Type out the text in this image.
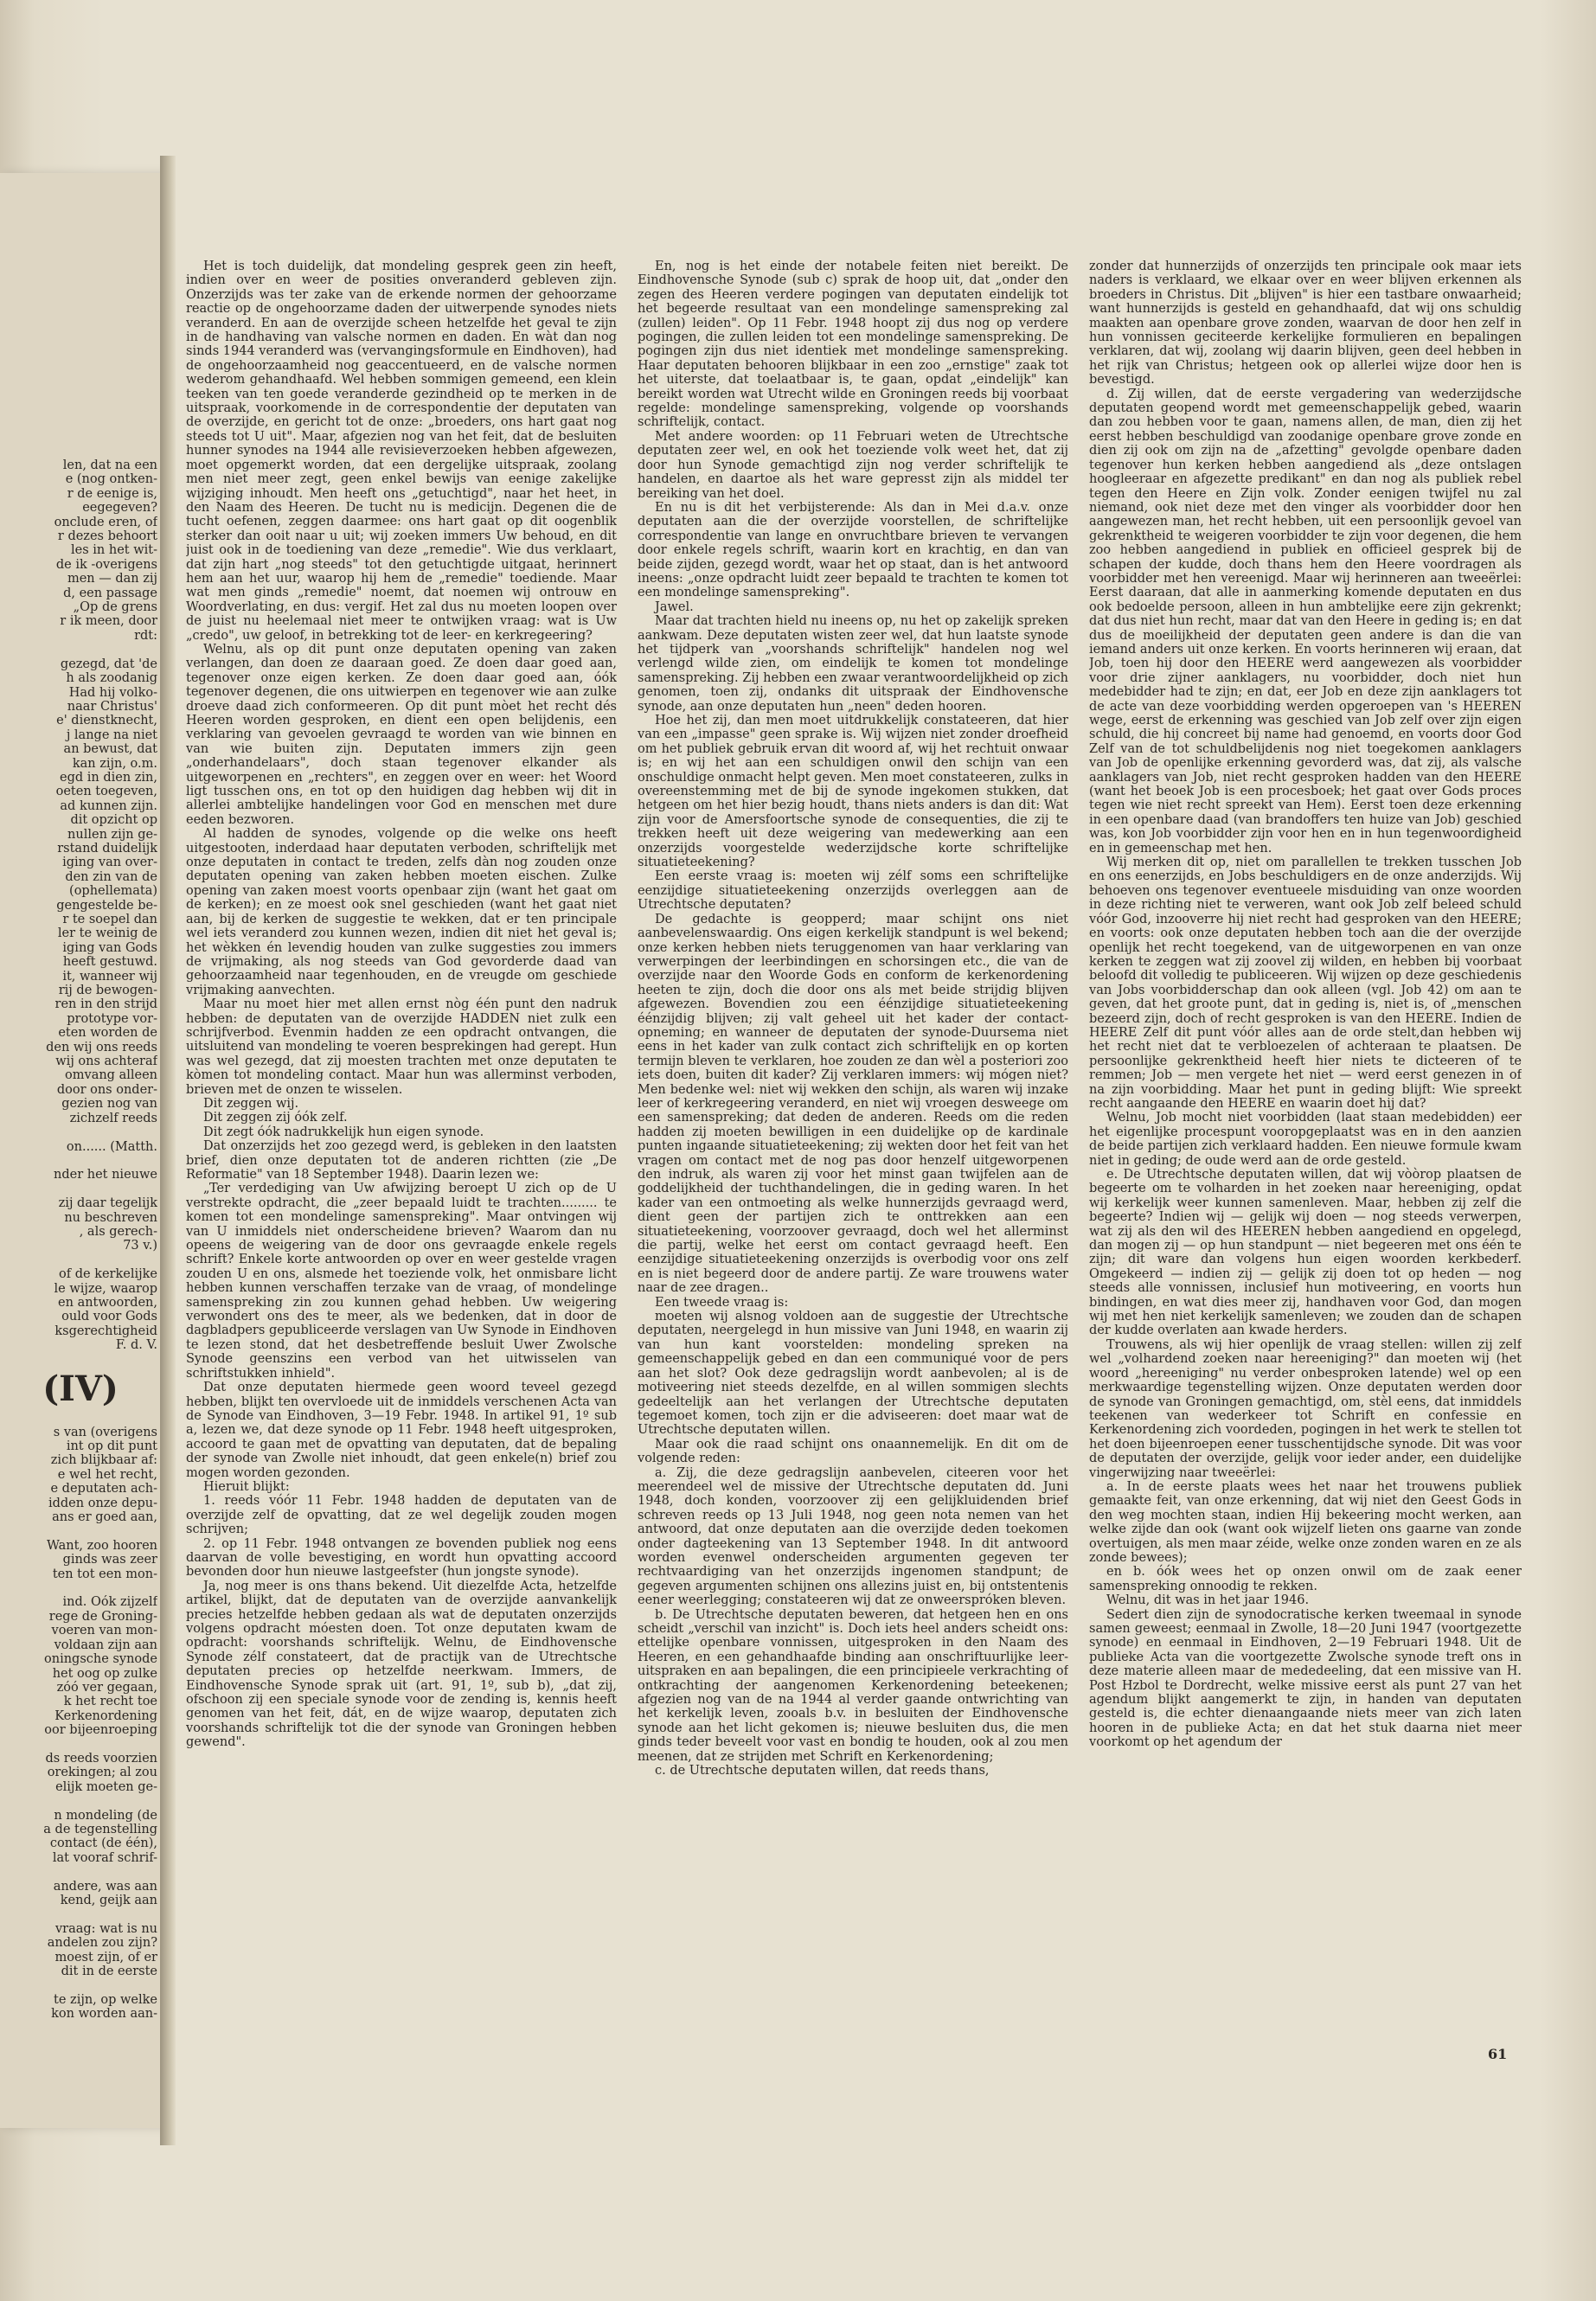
len, dat na een
e (nog ontken-
r de eenige is,
eegegeven?
onclude eren, of
r dezes behoort
les in het wit-
de ik -overigens
men — dan zij
d, een passage
„Op de grens
r ik meen, door
rdt:

gezegd, dat 'de
h als zoodanig
Had hij volko-
naar Christus'
e' dienstknecht,
j lange na niet
an bewust, dat
kan zijn, o.m.
egd in dien zin,
oeten toegeven,
ad kunnen zijn.
dit opzicht op
nullen zijn ge-
rstand duidelijk
iging van over-
den zin van de
(ophellemata)
gengestelde be-
r te soepel dan
ler te weinig de
iging van Gods
heeft gestuwd.
it, wanneer wij
rij de bewogen-
ren in den strijd
prototype vor-
eten worden de
den wij ons reeds
wij ons achteraf
omvang alleen
door ons onder-
gezien nog van
zichzelf reeds

on...... (Matth.

nder het nieuwe

zij daar tegelijk
nu beschreven
, als gerech-
73 v.)

of de kerkelijke
le wijze, waarop
en antwoorden,
ould voor Gods
ksgerechtigheid
F. d. V.
(IV)
s van (overigens
int op dit punt
zich blijkbaar af:
e wel het recht,
e deputaten ach-
idden onze depu-
ans er goed aan,

Want, zoo hooren
ginds was zeer
ten tot een mon-

ind. Oók zijzelf
rege de Groning-
voeren van mon-
voldaan zijn aan
oningsche synode
het oog op zulke
zóó ver gegaan,
k het recht toe
Kerkenordening
oor bijeenroeping

ds reeds voorzien
orekingen; al zou
elijk moeten ge-

n mondeling (de
a de tegenstelling
contact (de één),
lat vooraf schrif-

andere, was aan
kend, geijk aan

vraag: wat is nu
andelen zou zijn?
moest zijn, of er
dit in de eerste

te zijn, op welke
kon worden aan-

Het is toch duidelijk, dat mondeling gesprek geen zin heeft, indien over en weer de posities onveranderd gebleven zijn. Onzerzijds was ter zake van de erkende normen der gehoorzame reactie op de ongehoorzame daden der uitwerpende synodes niets veranderd. En aan de overzijde scheen hetzelfde het geval te zijn in de handhaving van valsche normen en daden. En wàt dan nog sinds 1944 veranderd was (vervangingsformule en Eindhoven), had de ongehoorzaamheid nog geaccentueerd, en de valsche normen wederom gehandhaafd. Wel hebben sommigen gemeend, een klein teeken van ten goede veranderde gezindheid op te merken in de uitspraak, voorkomende in de correspondentie der deputaten van de overzijde, en gericht tot de onze: „broeders, ons hart gaat nog steeds tot U uit". Maar, afgezien nog van het feit, dat de besluiten hunner synodes na 1944 alle revisieverzoeken hebben afgewezen, moet opgemerkt worden, dat een dergelijke uitspraak, zoolang men niet meer zegt, geen enkel bewijs van eenige zakelijke wijziging inhoudt. Men heeft ons „getuchtigd", naar het heet, in den Naam des Heeren. De tucht nu is medicijn. Degenen die de tucht oefenen, zeggen daarmee: ons hart gaat op dit oogenblik sterker dan ooit naar u uit; wij zoeken immers Uw behoud, en dit juist ook in de toediening van deze „remedie". Wie dus verklaart, dat zijn hart „nog steeds" tot den getuchtigde uitgaat, herinnert hem aan het uur, waarop hij hem de „remedie" toediende. Maar wat men ginds „remedie" noemt, dat noemen wij ontrouw en Woordverlating, en dus: vergif. Het zal dus nu moeten loopen over de juist nu heelemaal niet meer te ontwijken vraag: wat is Uw „credo", uw geloof, in betrekking tot de leer- en kerkregeering?

Welnu, als op dit punt onze deputaten opening van zaken verlangen, dan doen ze daaraan goed. Ze doen daar goed aan, tegenover onze eigen kerken. Ze doen daar goed aan, óók tegenover degenen, die ons uitwierpen en tegenover wie aan zulke droeve daad zich conformeeren. Op dit punt mòet het recht dés Heeren worden gesproken, en dient een open belijdenis, een verklaring van gevoelen gevraagd te worden van wie binnen en van wie buiten zijn. Deputaten immers zijn geen „onderhandelaars", doch staan tegenover elkander als uitgeworpenen en „rechters", en zeggen over en weer: het Woord ligt tusschen ons, en tot op den huidigen dag hebben wij dit in allerlei ambtelijke handelingen voor God en menschen met dure eeden bezworen.

Al hadden de synodes, volgende op die welke ons heeft uitgestooten, inderdaad haar deputaten verboden, schriftelijk met onze deputaten in contact te treden, zelfs dàn nog zouden onze deputaten opening van zaken hebben moeten eischen. Zulke opening van zaken moest voorts openbaar zijn (want het gaat om de kerken); en ze moest ook snel geschieden (want het gaat niet aan, bij de kerken de suggestie te wekken, dat er ten principale wel iets veranderd zou kunnen wezen, indien dit niet het geval is; het wèkken én levendig houden van zulke suggesties zou immers de vrijmaking, als nog steeds van God gevorderde daad van gehoorzaamheid naar tegenhouden, en de vreugde om geschiede vrijmaking aanvechten.

Maar nu moet hier met allen ernst nòg één punt den nadruk hebben: de deputaten van de overzijde HADDEN niet zulk een schrijfverbod. Evenmin hadden ze een opdracht ontvangen, die uitsluitend van mondeling te voeren besprekingen had gerept. Hun was wel gezegd, dat zij moesten trachten met onze deputaten te kòmen tot mondeling contact. Maar hun was allerminst verboden, brieven met de onzen te wisselen.

Dit zeggen wij.

Dit zeggen zij óók zelf.

Dit zegt óók nadrukkelijk hun eigen synode.

Dat onzerzijds het zoo gezegd werd, is gebleken in den laatsten brief, dien onze deputaten tot de anderen richtten (zie „De Reformatie" van 18 September 1948). Daarin lezen we:

„Ter verdediging van Uw afwijzing beroept U zich op de U verstrekte opdracht, die „zeer bepaald luidt te trachten......... te komen tot een mondelinge samenspreking". Maar ontvingen wij van U inmiddels niet onderscheidene brieven? Waarom dan nu opeens de weigering van de door ons gevraagde enkele regels schrift? Enkele korte antwoorden op over en weer gestelde vragen zouden U en ons, alsmede het toeziende volk, het onmisbare licht hebben kunnen verschaffen terzake van de vraag, of mondelinge samenspreking zin zou kunnen gehad hebben. Uw weigering verwondert ons des te meer, als we bedenken, dat in door de dagbladpers gepubliceerde verslagen van Uw Synode in Eindhoven te lezen stond, dat het desbetreffende besluit Uwer Zwolsche Synode geenszins een verbod van het uitwisselen van schriftstukken inhield".

Dat onze deputaten hiermede geen woord teveel gezegd hebben, blijkt ten overvloede uit de inmiddels verschenen Acta van de Synode van Eindhoven, 3—19 Febr. 1948. In artikel 91, 1º sub a, lezen we, dat deze synode op 11 Febr. 1948 heeft uitgesproken, accoord te gaan met de opvatting van deputaten, dat de bepaling der synode van Zwolle niet inhoudt, dat geen enkele(n) brief zou mogen worden gezonden.

Hieruit blijkt:

1. reeds vóór 11 Febr. 1948 hadden de deputaten van de overzijde zelf de opvatting, dat ze wel degelijk zouden mogen schrijven;

2. op 11 Febr. 1948 ontvangen ze bovenden publiek nog eens daarvan de volle bevestiging, en wordt hun opvatting accoord bevonden door hun nieuwe lastgeefster (hun jongste synode).

Ja, nog meer is ons thans bekend. Uit diezelfde Acta, hetzelfde artikel, blijkt, dat de deputaten van de overzijde aanvankelijk precies hetzelfde hebben gedaan als wat de deputaten onzerzijds volgens opdracht móesten doen. Tot onze deputaten kwam de opdracht: voorshands schriftelijk. Welnu, de Eindhovensche Synode zélf constateert, dat de practijk van de Utrechtsche deputaten precies op hetzelfde neerkwam. Immers, de Eindhovensche Synode sprak uit (art. 91, 1º, sub b), „dat zij, ofschoon zij een speciale synode voor de zending is, kennis heeft genomen van het feit, dát, en de wijze waarop, deputaten zich voorshands schriftelijk tot die der synode van Groningen hebben gewend".

En, nog is het einde der notabele feiten niet bereikt. De Eindhovensche Synode (sub c) sprak de hoop uit, dat „onder den zegen des Heeren verdere pogingen van deputaten eindelijk tot het begeerde resultaat van een mondelinge samenspreking zal (zullen) leiden". Op 11 Febr. 1948 hoopt zij dus nog op verdere pogingen, die zullen leiden tot een mondelinge samenspreking. De pogingen zijn dus niet identiek met mondelinge samenspreking. Haar deputaten behooren blijkbaar in een zoo „ernstige" zaak tot het uiterste, dat toelaatbaar is, te gaan, opdat „eindelijk" kan bereikt worden wat Utrecht wilde en Groningen reeds bij voorbaat regelde: mondelinge samenspreking, volgende op voorshands schriftelijk, contact.

Met andere woorden: op 11 Februari weten de Utrechtsche deputaten zeer wel, en ook het toeziende volk weet het, dat zij door hun Synode gemachtigd zijn nog verder schriftelijk te handelen, en daartoe als het ware gepresst zijn als middel ter bereiking van het doel.

En nu is dit het verbijsterende: Als dan in Mei d.a.v. onze deputaten aan die der overzijde voorstellen, de schriftelijke correspondentie van lange en onvruchtbare brieven te vervangen door enkele regels schrift, waarin kort en krachtig, en dan van beide zijden, gezegd wordt, waar het op staat, dan is het antwoord ineens: „onze opdracht luidt zeer bepaald te trachten te komen tot een mondelinge samenspreking".

Jawel.

Maar dat trachten hield nu ineens op, nu het op zakelijk spreken aankwam. Deze deputaten wisten zeer wel, dat hun laatste synode het tijdperk van „voorshands schriftelijk" handelen nog wel verlengd wilde zien, om eindelijk te komen tot mondelinge samenspreking. Zij hebben een zwaar verantwoordelijkheid op zich genomen, toen zij, ondanks dit uitspraak der Eindhovensche synode, aan onze deputaten hun „neen" deden hooren.

Hoe het zij, dan men moet uitdrukkelijk constateeren, dat hier van een „impasse" geen sprake is. Wij wijzen niet zonder droefheid om het publiek gebruik ervan dit woord af, wij het rechtuit onwaar is; en wij het aan een schuldigen onwil den schijn van een onschuldige onmacht helpt geven. Men moet constateeren, zulks in overeenstemming met de bij de synode ingekomen stukken, dat hetgeen om het hier bezig houdt, thans niets anders is dan dit: Wat zijn voor de Amersfoortsche synode de consequenties, die zij te trekken heeft uit deze weigering van medewerking aan een onzerzijds voorgestelde wederzijdsche korte schriftelijke situatieteekening?

Een eerste vraag is: moeten wij zélf soms een schriftelijke eenzijdige situatieteekening onzerzijds overleggen aan de Utrechtsche deputaten?

De gedachte is geopperd; maar schijnt ons niet aanbevelenswaardig. Ons eigen kerkelijk standpunt is wel bekend; onze kerken hebben niets teruggenomen van haar verklaring van verwerpingen der leerbindingen en schorsingen etc., die van de overzijde naar den Woorde Gods en conform de kerkenordening heeten te zijn, doch die door ons als met beide strijdig blijven afgewezen. Bovendien zou een éénzijdige situatieteekening éénzijdig blijven; zij valt geheel uit het kader der contact-opneming; en wanneer de deputaten der synode-Duursema niet eens in het kader van zulk contact zich schriftelijk en op korten termijn bleven te verklaren, hoe zouden ze dan wèl a posteriori zoo iets doen, buiten dit kader? Zij verklaren immers: wij mógen niet? Men bedenke wel: niet wij wekken den schijn, als waren wij inzake leer of kerkregeering veranderd, en niet wij vroegen desweege om een samenspreking; dat deden de anderen. Reeds om die reden hadden zij moeten bewilligen in een duidelijke op de kardinale punten ingaande situatieteekening; zij wekten door het feit van het vragen om contact met de nog pas door henzelf uitgeworpenen den indruk, als waren zij voor het minst gaan twijfelen aan de goddelijkheid der tuchthandelingen, die in geding waren. In het kader van een ontmoeting als welke hunnerzijds gevraagd werd, dient geen der partijen zich te onttrekken aan een situatieteekening, voorzoover gevraagd, doch wel het allerminst die partij, welke het eerst om contact gevraagd heeft. Een eenzijdige situatieteekening onzerzijds is overbodig voor ons zelf en is niet begeerd door de andere partij. Ze ware trouwens water naar de zee dragen..

Een tweede vraag is:

moeten wij alsnog voldoen aan de suggestie der Utrechtsche deputaten, neergelegd in hun missive van Juni 1948, en waarin zij van hun kant voorstelden: mondeling spreken na gemeenschappelijk gebed en dan een communiqué voor de pers aan het slot? Ook deze gedragslijn wordt aanbevolen; al is de motiveering niet steeds dezelfde, en al willen sommigen slechts gedeeltelijk aan het verlangen der Utrechtsche deputaten tegemoet komen, toch zijn er die adviseeren: doet maar wat de Utrechtsche deputaten willen.

Maar ook die raad schijnt ons onaannemelijk. En dit om de volgende reden:

a. Zij, die deze gedragslijn aanbevelen, citeeren voor het meerendeel wel de missive der Utrechtsche deputaten dd. Juni 1948, doch konden, voorzoover zij een gelijkluidenden brief schreven reeds op 13 Juli 1948, nog geen nota nemen van het antwoord, dat onze deputaten aan die overzijde deden toekomen onder dagteekening van 13 September 1948. In dit antwoord worden evenwel onderscheiden argumenten gegeven ter rechtvaardiging van het onzerzijds ingenomen standpunt; de gegeven argumenten schijnen ons allezins juist en, bij ontstentenis eener weerlegging; constateeren wij dat ze onweerspróken bleven.

b. De Utrechtsche deputaten beweren, dat hetgeen hen en ons scheidt „verschil van inzicht" is. Doch iets heel anders scheidt ons: etteliјke openbare vonnissen, uitgesproken in den Naam des Heeren, en een gehandhaafde binding aan onschriftuurlijke leer-uitspraken en aan bepalingen, die een principieele verkrachting of ontkrachting der aangenomen Kerkenordening beteekenen; afgezien nog van de na 1944 al verder gaande ontwrichting van het kerkelijk leven, zooals b.v. in besluiten der Eindhovensche synode aan het licht gekomen is; nieuwe besluiten dus, die men ginds teder beveelt voor vast en bondig te houden, ook al zou men meenen, dat ze strijden met Schrift en Kerkenordening;

c. de Utrechtsche deputaten willen, dat reeds thans,

zonder dat hunnerzijds of onzerzijds ten principale ook maar iets naders is verklaard, we elkaar over en weer blijven erkennen als broeders in Christus. Dit „blijven" is hier een tastbare onwaarheid; want hunnerzijds is gesteld en gehandhaafd, dat wij ons schuldig maakten aan openbare grove zonden, waarvan de door hen zelf in hun vonnissen geciteerde kerkelijke formulieren en bepalingen verklaren, dat wij, zoolang wij daarin blijven, geen deel hebben in het rijk van Christus; hetgeen ook op allerlei wijze door hen is bevestigd.

d. Zij willen, dat de eerste vergadering van wederzijdsche deputaten geopend wordt met gemeenschappelijk gebed, waarin dan zou hebben voor te gaan, namens allen, de man, dien zij het eerst hebben beschuldigd van zoodanige openbare grove zonde en dien zij ook om zijn na de „afzetting" gevolgde openbare daden tegenover hun kerken hebben aangediend als „deze ontslagen hoogleeraar en afgezette predikant" en dan nog als publiek rebel tegen den Heere en Zijn volk. Zonder eenigen twijfel nu zal niemand, ook niet deze met den vinger als voorbidder door hen aangewezen man, het recht hebben, uit een persoonlijk gevoel van gekrenktheid te weigeren voorbidder te zijn voor degenen, die hem zoo hebben aangediend in publiek en officieel gesprek bij de schapen der kudde, doch thans hem den Heere voordragen als voorbidder met hen vereenigd. Maar wij herinneren aan tweeërlei: Eerst daaraan, dat alle in aanmerking komende deputaten en dus ook bedoelde persoon, alleen in hun ambtelijke eere zijn gekrenkt; dat dus niet hun recht, maar dat van den Heere in geding is; en dat dus de moeilijkheid der deputaten geen andere is dan die van iemand anders uit onze kerken. En voorts herinneren wij eraan, dat Job, toen hij door den HEERE werd aangewezen als voorbidder voor drie zijner aanklagers, nu voorbidder, doch niet hun medebidder had te zijn; en dat, eer Job en deze zijn aanklagers tot de acte van deze voorbidding werden opgeroepen van 's HEEREN wege, eerst de erkenning was geschied van Job zelf over zijn eigen schuld, die hij concreet bij name had genoemd, en voorts door God Zelf van de tot schuldbelijdenis nog niet toegekomen aanklagers van Job de openlijke erkenning gevorderd was, dat zij, als valsche aanklagers van Job, niet recht gesproken hadden van den HEERE (want het beoek Job is een procesboek; het gaat over Gods proces tegen wie niet recht spreekt van Hem). Eerst toen deze erkenning in een openbare daad (van brandoffers ten huize van Job) geschied was, kon Job voorbidder zijn voor hen en in hun tegenwoordigheid en in gemeenschap met hen.

Wij merken dit op, niet om parallellen te trekken tusschen Job en ons eenerzijds, en Jobs beschuldigers en de onze anderzijds. Wij behoeven ons tegenover eventueele misduiding van onze woorden in deze richting niet te verweren, want ook Job zelf beleed schuld vóór God, inzooverre hij niet recht had gesproken van den HEERE; en voorts: ook onze deputaten hebben toch aan die der overzijde openlijk het recht toegekend, van de uitgeworpenen en van onze kerken te zeggen wat zij zoovel zij wilden, en hebben bij voorbaat beloofd dit volledig te publiceeren. Wij wijzen op deze geschiedenis van Jobs voorbidderschap dan ook alleen (vgl. Job 42) om aan te geven, dat het groote punt, dat in geding is, niet is, of „menschen bezeerd zijn, doch of recht gesproken is van den HEERE. Indien de HEERE Zelf dit punt vóór alles aan de orde stelt,dan hebben wij het recht niet dat te verbloezelen of achteraan te plaatsen. De persoonlijke gekrenktheid heeft hier niets te dicteeren of te remmen; Job — men vergete het niet — werd eerst genezen in of na zijn voorbidding. Maar het punt in geding blijft: Wie spreekt recht aangaande den HEERE en waarin doet hij dat?

Welnu, Job mocht niet voorbidden (laat staan medebidden) eer het eigenlijke procespunt vooropgeplaatst was en in den aanzien de beide partijen zich verklaard hadden. Een nieuwe formule kwam niet in geding; de oude werd aan de orde gesteld.

e. De Utrechtsche deputaten willen, dat wij vòòrop plaatsen de begeerte om te volharden in het zoeken naar hereeniging, opdat wij kerkelijk weer kunnen samenleven. Maar, hebben zij zelf die begeerte? Indien wij — gelijk wij doen — nog steeds verwerpen, wat zij als den wil des HEEREN hebben aangediend en opgelegd, dan mogen zij — op hun standpunt — niet begeeren met ons één te zijn; dit ware dan volgens hun eigen woorden kerkbederf. Omgekeerd — indien zij — gelijk zij doen tot op heden — nog steeds alle vonnissen, inclusief hun motiveering, en voorts hun bindingen, en wat dies meer zij, handhaven voor God, dan mogen wij met hen niet kerkelijk samenleven; we zouden dan de schapen der kudde overlaten aan kwade herders.

Trouwens, als wij hier openlijk de vraag stellen: willen zij zelf wel „volhardend zoeken naar hereeniging?" dan moeten wij (het woord „hereeniging" nu verder onbesproken latende) wel op een merkwaardige tegenstelling wijzen. Onze deputaten werden door de synode van Groningen gemachtigd, om, stèl eens, dat inmiddels teekenen van wederkeer tot Schrift en confessie en Kerkenordening zich voordeden, pogingen in het werk te stellen tot het doen bijeenroepen eener tusschentijdsche synode. Dit was voor de deputaten der overzijde, gelijk voor ieder ander, een duidelijke vingerwijzing naar tweeërlei:

a. In de eerste plaats wees het naar het trouwens publiek gemaakte feit, van onze erkenning, dat wij niet den Geest Gods in den weg mochten staan, indien Hij bekeering mocht werken, aan welke zijde dan ook (want ook wijzelf lieten ons gaarne van zonde overtuigen, als men maar zéide, welke onze zonden waren en ze als zonde bewees);

en b. óók wees het op onzen onwil om de zaak eener samenspreking onnoodig te rekken.

Welnu, dit was in het jaar 1946.

Sedert dien zijn de synodocratische kerken tweemaal in synode samen geweest; eenmaal in Zwolle, 18—20 Juni 1947 (voortgezette synode) en eenmaal in Eindhoven, 2—19 Februari 1948. Uit de publieke Acta van die voortgezette Zwolsche synode treft ons in deze materie alleen maar de mededeeling, dat een missive van H. Post Hzbol te Dordrecht, welke missive eerst als punt 27 van het agendum blijkt aangemerkt te zijn, in handen van deputaten gesteld is, die echter dienaangaande niets meer van zich laten hooren in de publieke Acta; en dat het stuk daarna niet meer voorkomt op het agendum der

61
